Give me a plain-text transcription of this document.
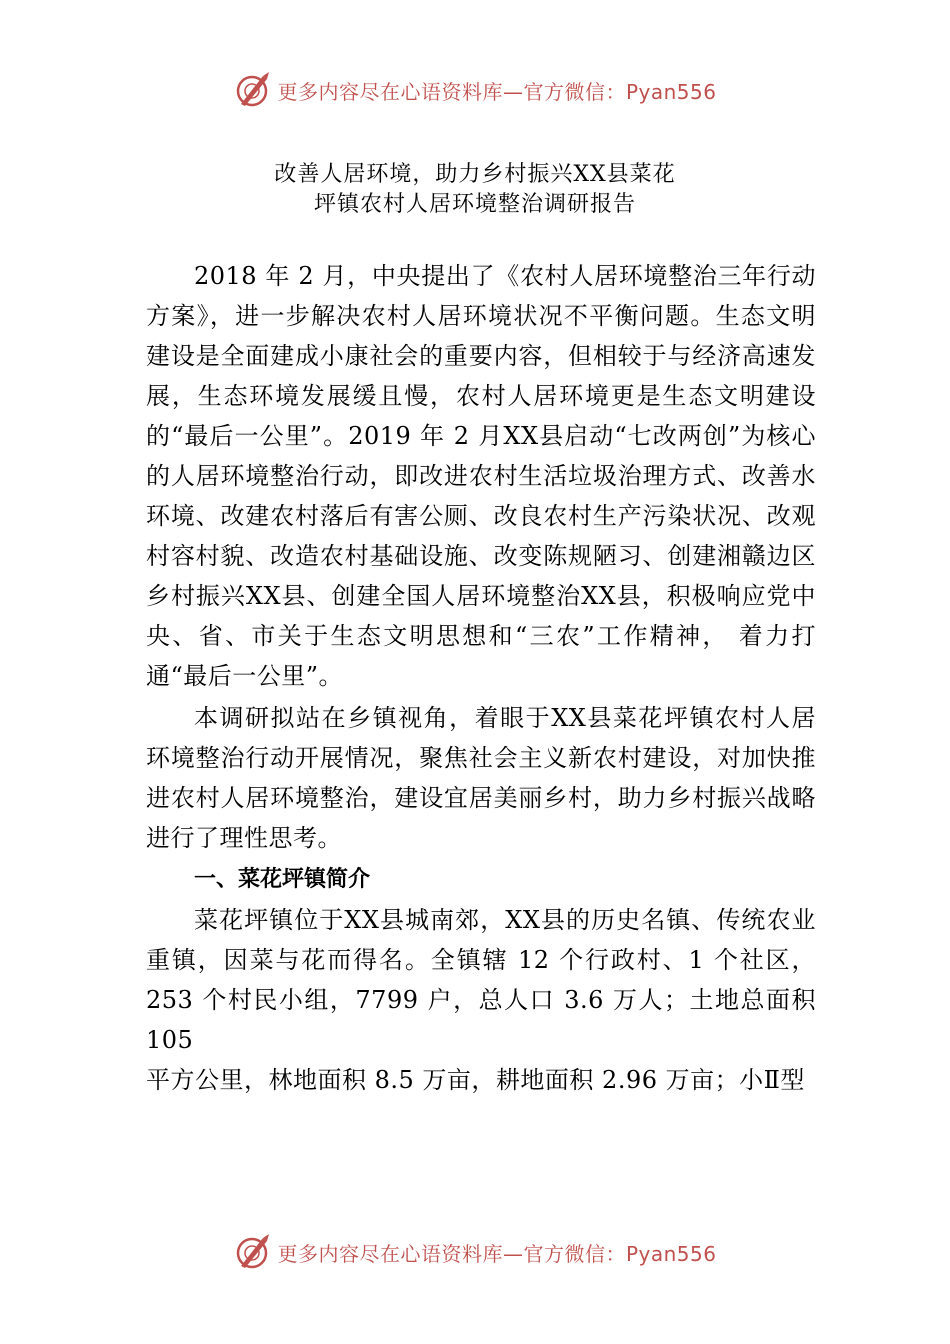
更多内容尽在心语资料库—官方微信：Pyan556
改善人居环境，助力乡村振兴XX县菜花
坪镇农村人居环境整治调研报告

2018 年 2 月，中央提出了《农村人居环境整治三年行动方案》，进一步解决农村人居环境状况不平衡问题。生态文明建设是全面建成小康社会的重要内容，但相较于与经济高速发展，生态环境发展缓且慢，农村人居环境更是生态文明建设的“最后一公里”。2019 年 2 月XX县启动“七改两创”为核心的人居环境整治行动，即改进农村生活垃圾治理方式、改善水环境、改建农村落后有害公厕、改良农村生产污染状况、改观村容村貌、改造农村基础设施、改变陈规陋习、创建湘赣边区乡村振兴XX县、创建全国人居环境整治XX县，积极响应党中央、省、市关于生态文明思想和“三农”工作精神， 着力打通“最后一公里”。

本调研拟站在乡镇视角，着眼于XX县菜花坪镇农村人居环境整治行动开展情况，聚焦社会主义新农村建设，对加快推进农村人居环境整治，建设宜居美丽乡村，助力乡村振兴战略进行了理性思考。

一、菜花坪镇简介

菜花坪镇位于XX县城南郊，XX县的历史名镇、传统农业重镇，因菜与花而得名。全镇辖 12 个行政村、1 个社区，253 个村民小组，7799 户，总人口 3.6 万人；土地总面积 105

平方公里，林地面积 8.5 万亩，耕地面积 2.96 万亩；小Ⅱ型

更多内容尽在心语资料库—官方微信：Pyan556
